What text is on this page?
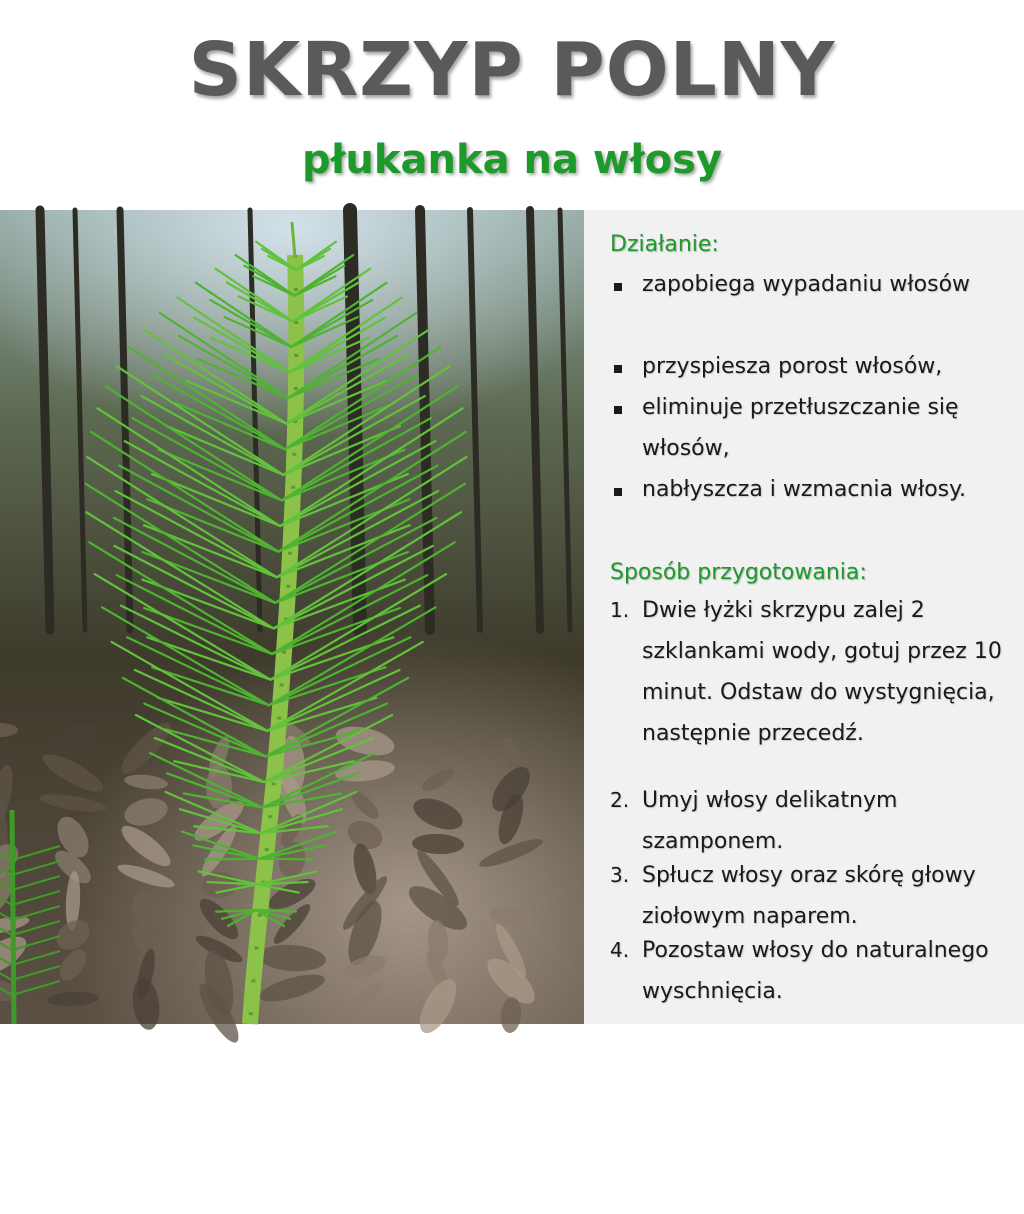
SKRZYP POLNY
płukanka na włosy
www.odzyskajzdrowewlosy.pl
Działanie:
zapobiega wypadaniu włosów
przyspiesza porost włosów,
eliminuje przetłuszczanie się włosów,
nabłyszcza i wzmacnia włosy.
Sposób przygotowania:
1. Dwie łyżki skrzypu zalej 2 szklankami wody, gotuj przez 10 minut. Odstaw do wystygnięcia, następnie przecedź.
2. Umyj włosy delikatnym szamponem.
3. Spłucz włosy oraz skórę głowy ziołowym naparem.
4. Pozostaw włosy do naturalnego wyschnięcia.
